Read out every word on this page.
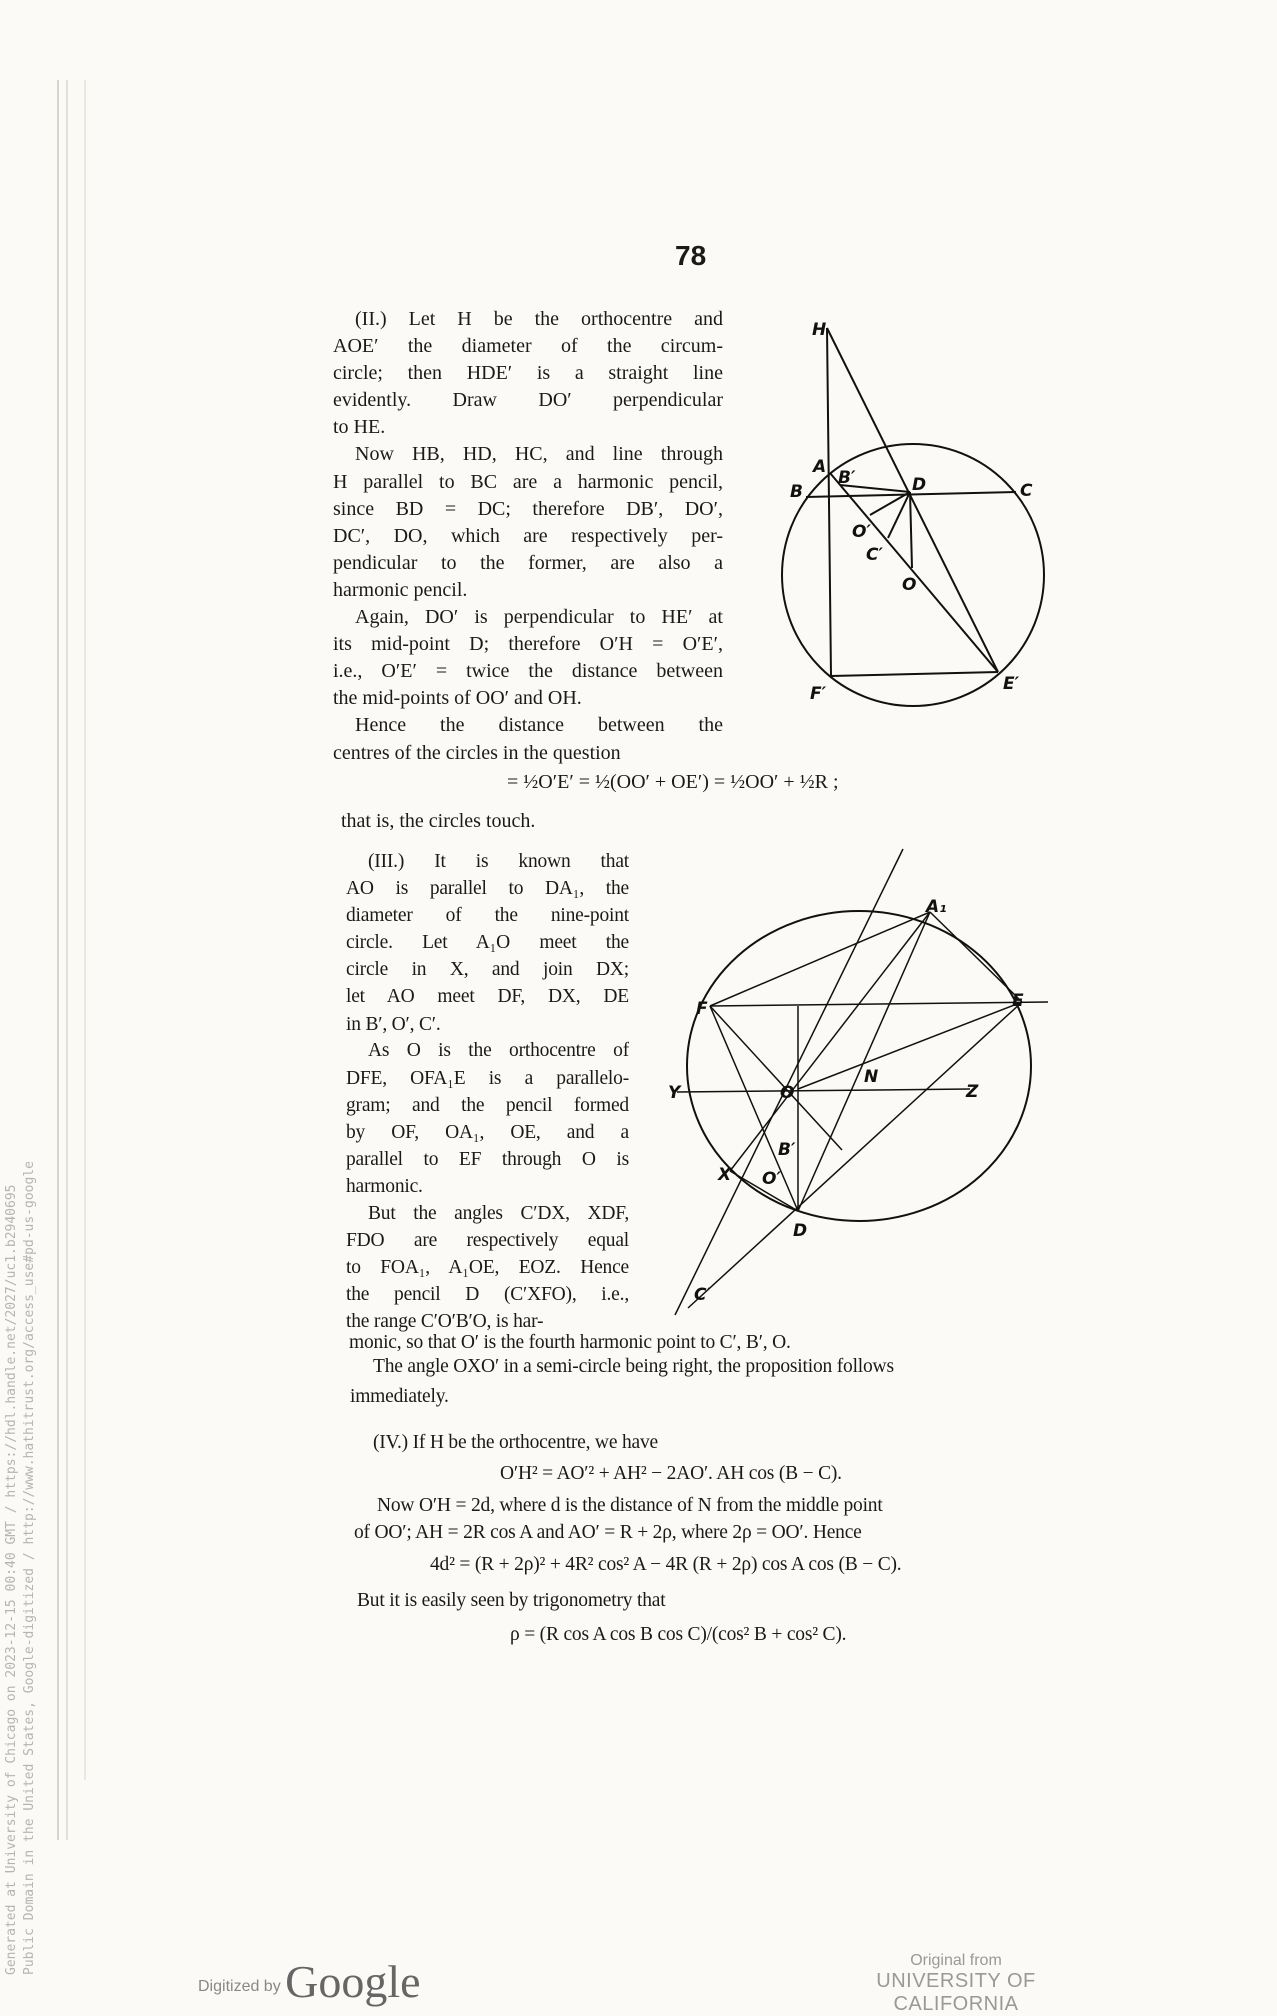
Generated at University of Chicago on 2023-12-15 00:40 GMT / https://hdl.handle.net/2027/uc1.b2940695 Public Domain in the United States, Google-digitized / http://www.hathitrust.org/access_use#pd-us-google
78
(II.) Let H be the orthocentre and
AOE′ the diameter of the circum-
circle; then HDE′ is a straight line
evidently. Draw DO′ perpendicular
to HE.
Now HB, HD, HC, and line through
H parallel to BC are a harmonic pencil,
since BD = DC; therefore DB′, DO′,
DC′, DO, which are respectively per-
pendicular to the former, are also a
harmonic pencil.
Again, DO′ is perpendicular to HE′ at
its mid-point D; therefore O′H = O′E′,
i.e., O′E′ = twice the distance between
the mid-points of OO′ and OH.
Hence the distance between the
centres of the circles in the question
= ½O′E′ = ½(OO′ + OE′) = ½OO′ + ½R ;
that is, the circles touch.
(III.) It is known that
AO is parallel to DA₁, the
diameter of the nine-point
circle. Let A₁O meet the
circle in X, and join DX;
let AO meet DF, DX, DE
in B′, O′, C′.
As O is the orthocentre of
DFE, OFA₁E is a parallelo-
gram; and the pencil formed
by OF, OA₁, OE, and a
parallel to EF through O is
harmonic.
But the angles C′DX, XDF,
FDO are respectively equal
to FOA₁, A₁OE, EOZ. Hence
the pencil D (C′XFO), i.e.,
the range C′O′B′O, is har-
monic, so that O′ is the fourth harmonic point to C′, B′, O.
The angle OXO′ in a semi-circle being right, the proposition follows
immediately.
(IV.) If H be the orthocentre, we have
O′H² = AO′² + AH² − 2AO′. AH cos (B − C).
Now O′H = 2d, where d is the distance of N from the middle point
of OO′; AH = 2R cos A and AO′ = R + 2ρ, where 2ρ = OO′. Hence
4d² = (R + 2ρ)² + 4R² cos² A − 4R (R + 2ρ) cos A cos (B − C).
But it is easily seen by trigonometry that
ρ = (R cos A cos B cos C)/(cos² B + cos² C).
H
A
B′
B	D	C
O′
C′
O
F′	E′
A₁
F	E
Y	O
N
Z
B′
X O′
D
C′
Digitized by Google	Original from
UNIVERSITY OF CALIFORNIA
